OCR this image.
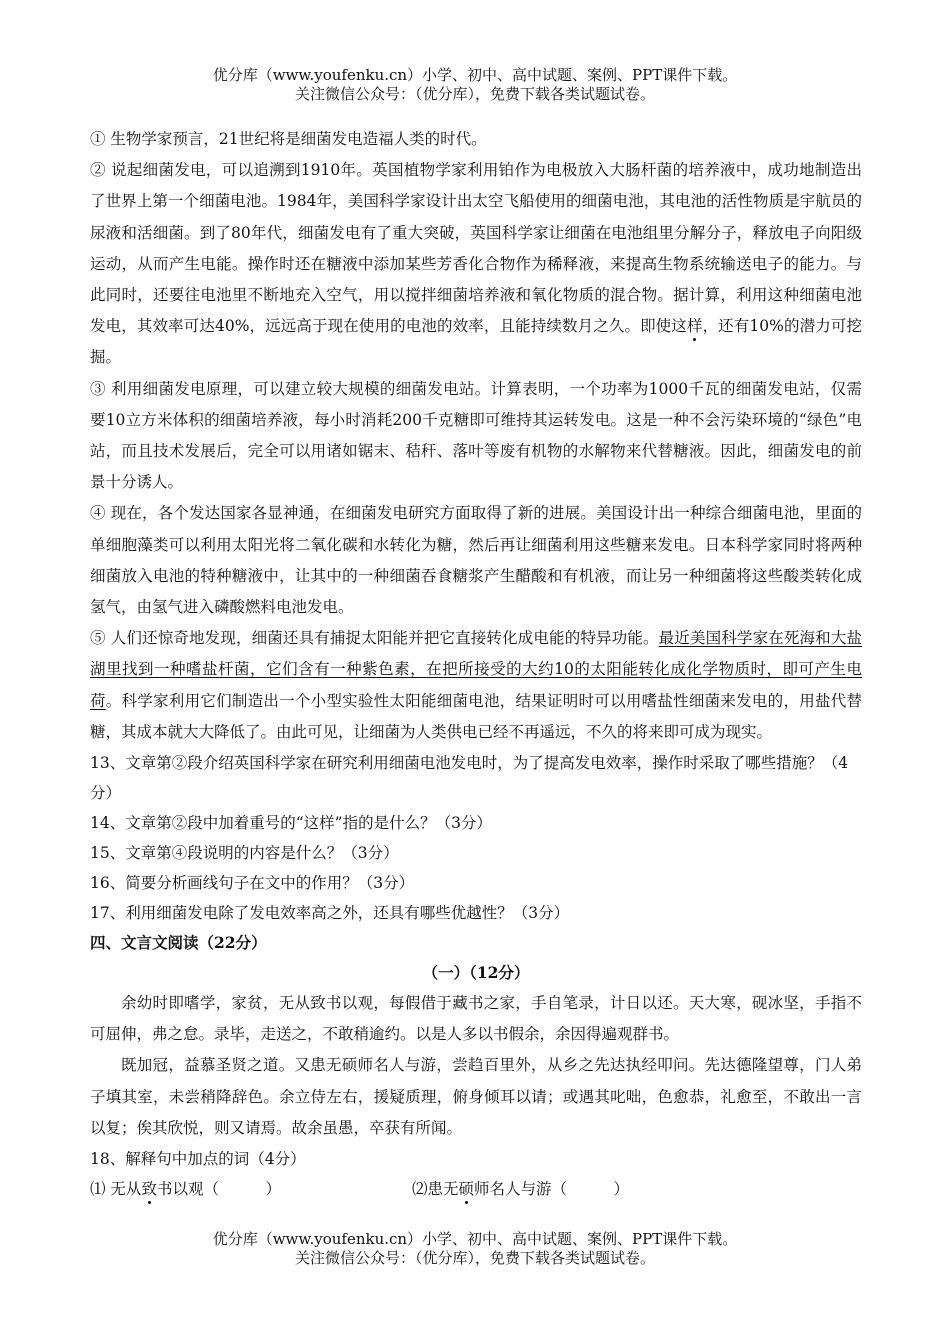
优分库（www.youfenku.cn）小学、初中、高中试题、案例、PPT课件下载。
关注微信公众号：（优分库），免费下载各类试题试卷。

① 生物学家预言，21世纪将是细菌发电造福人类的时代。

② 说起细菌发电，可以追溯到1910年。英国植物学家利用铂作为电极放入大肠杆菌的培养液中，成功地制造出了世界上第一个细菌电池。1984年，美国科学家设计出太空飞船使用的细菌电池，其电池的活性物质是宇航员的尿液和活细菌。到了80年代，细菌发电有了重大突破，英国科学家让细菌在电池组里分解分子，释放电子向阳级运动，从而产生电能。操作时还在糖液中添加某些芳香化合物作为稀释液，来提高生物系统输送电子的能力。与此同时，还要往电池里不断地充入空气，用以搅拌细菌培养液和氧化物质的混合物。据计算，利用这种细菌电池发电，其效率可达40%，远远高于现在使用的电池的效率，且能持续数月之久。即使这样，还有10%的潜力可挖掘。

③ 利用细菌发电原理，可以建立较大规模的细菌发电站。计算表明，一个功率为1000千瓦的细菌发电站，仅需要10立方米体积的细菌培养液，每小时消耗200千克糖即可维持其运转发电。这是一种不会污染环境的“绿色”电站，而且技术发展后，完全可以用诸如锯末、秸秆、落叶等废有机物的水解物来代替糖液。因此，细菌发电的前景十分诱人。

④ 现在，各个发达国家各显神通，在细菌发电研究方面取得了新的进展。美国设计出一种综合细菌电池，里面的单细胞藻类可以利用太阳光将二氧化碳和水转化为糖，然后再让细菌利用这些糖来发电。日本科学家同时将两种细菌放入电池的特种糖液中，让其中的一种细菌吞食糖浆产生醋酸和有机液，而让另一种细菌将这些酸类转化成氢气，由氢气进入磷酸燃料电池发电。

⑤ 人们还惊奇地发现，细菌还具有捕捉太阳能并把它直接转化成电能的特异功能。最近美国科学家在死海和大盐湖里找到一种嗜盐杆菌，它们含有一种紫色素，在把所接受的大约10的太阳能转化成化学物质时，即可产生电荷。科学家利用它们制造出一个小型实验性太阳能细菌电池，结果证明时可以用嗜盐性细菌来发电的，用盐代替糖，其成本就大大降低了。由此可见，让细菌为人类供电已经不再遥远，不久的将来即可成为现实。

13、文章第②段介绍英国科学家在研究利用细菌电池发电时，为了提高发电效率，操作时采取了哪些措施？（4分）

14、文章第②段中加着重号的“这样”指的是什么？（3分）

15、文章第④段说明的内容是什么？（3分）

16、简要分析画线句子在文中的作用？（3分）

17、利用细菌发电除了发电效率高之外，还具有哪些优越性？（3分）

四、文言文阅读（22分）

（一）（12分）

余幼时即嗜学，家贫，无从致书以观，每假借于藏书之家，手自笔录，计日以还。天大寒，砚冰坚，手指不可屈伸，弗之怠。录毕，走送之，不敢稍逾约。以是人多以书假余，余因得遍观群书。

既加冠，益慕圣贤之道。又患无硕师名人与游，尝趋百里外，从乡之先达执经叩问。先达德隆望尊，门人弟子填其室，未尝稍降辞色。余立侍左右，援疑质理，俯身倾耳以请；或遇其叱咄，色愈恭，礼愈至，不敢出一言以复；俟其欣悦，则又请焉。故余虽愚，卒获有所闻。

18、解释句中加点的词（4分）

⑴ 无从致书以观（　　　）	⑵患无硕师名人与游（　　　）
优分库（www.youfenku.cn）小学、初中、高中试题、案例、PPT课件下载。
关注微信公众号：（优分库），免费下载各类试题试卷。
